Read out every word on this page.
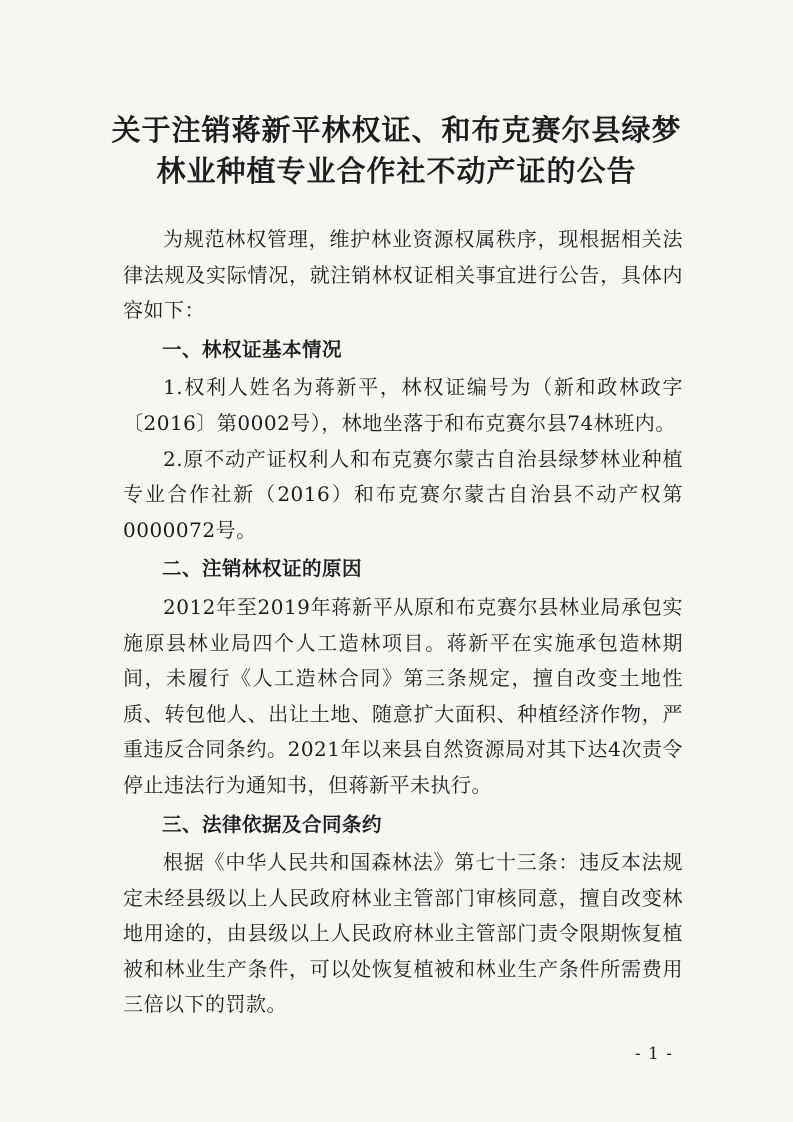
关于注销蒋新平林权证、和布克赛尔县绿梦
林业种植专业合作社不动产证的公告

为规范林权管理，维护林业资源权属秩序，现根据相关法律法规及实际情况，就注销林权证相关事宜进行公告，具体内容如下：

一、林权证基本情况

1.权利人姓名为蒋新平，林权证编号为（新和政林政字〔2016〕第0002号），林地坐落于和布克赛尔县74林班内。

2.原不动产证权利人和布克赛尔蒙古自治县绿梦林业种植专业合作社新（2016）和布克赛尔蒙古自治县不动产权第0000072号。

二、注销林权证的原因

2012年至2019年蒋新平从原和布克赛尔县林业局承包实施原县林业局四个人工造林项目。蒋新平在实施承包造林期间，未履行《人工造林合同》第三条规定，擅自改变土地性质、转包他人、出让土地、随意扩大面积、种植经济作物，严重违反合同条约。2021年以来县自然资源局对其下达4次责令停止违法行为通知书，但蒋新平未执行。

三、法律依据及合同条约

根据《中华人民共和国森林法》第七十三条：违反本法规定未经县级以上人民政府林业主管部门审核同意，擅自改变林地用途的，由县级以上人民政府林业主管部门责令限期恢复植被和林业生产条件，可以处恢复植被和林业生产条件所需费用三倍以下的罚款。

- 1 -
